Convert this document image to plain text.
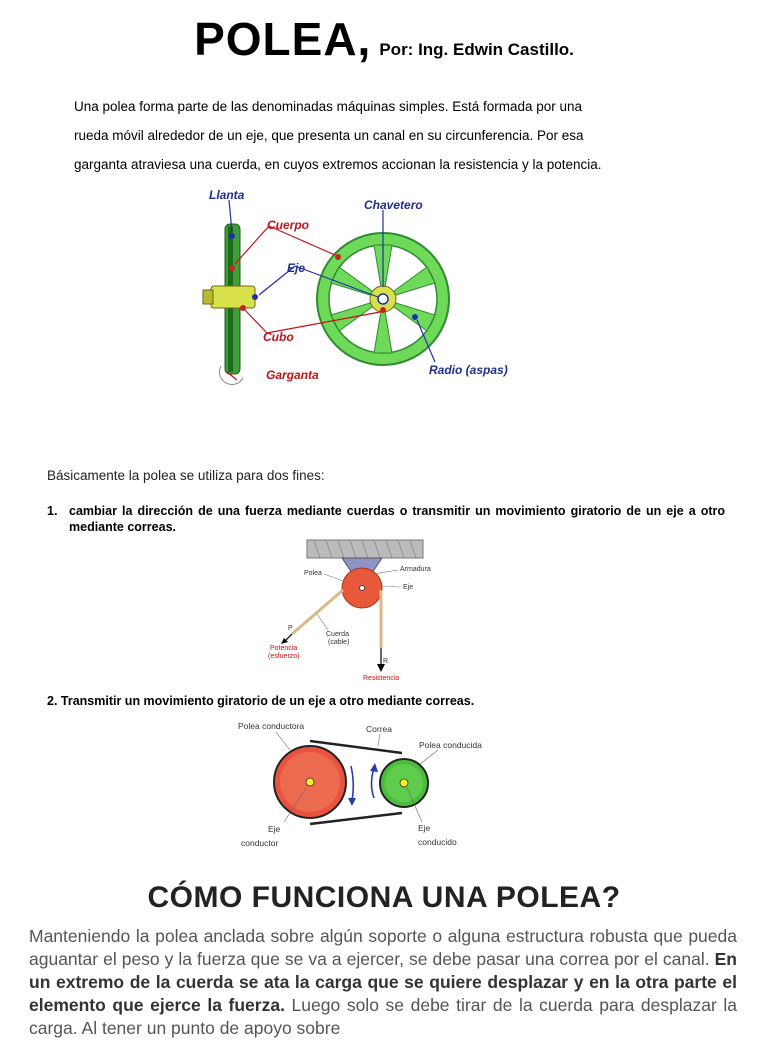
POLEA, Por: Ing. Edwin Castillo.
Una polea forma parte de las denominadas máquinas simples. Está formada por una
rueda móvil alrededor de un eje, que presenta un canal en su circunferencia. Por esa
garganta atraviesa una cuerda, en cuyos extremos accionan la resistencia y la potencia.
Llanta
Cuerpo
Eje
Cubo
Garganta
Chavetero
Radio (aspas)
Básicamente la polea se utiliza para dos fines:
1. cambiar la dirección de una fuerza mediante cuerdas o transmitir un movimiento giratorio de un eje a otro mediante correas.
Polea
Armadura
Eje
P
Cuerda
(cable)
Potencia
(esfuerzo)
R
Resistencia
2. Transmitir un movimiento giratorio de un eje a otro mediante correas.
Polea conductora	Correa
Polea conducida
Eje
conductor
Eje
conducido
CÓMO FUNCIONA UNA POLEA?
Manteniendo la polea anclada sobre algún soporte o alguna estructura robusta que pueda aguantar el peso y la fuerza que se va a ejercer, se debe pasar una correa por el canal. En un extremo de la cuerda se ata la carga que se quiere desplazar y en la otra parte el elemento que ejerce la fuerza. Luego solo se debe tirar de la cuerda para desplazar la carga. Al tener un punto de apoyo sobre
